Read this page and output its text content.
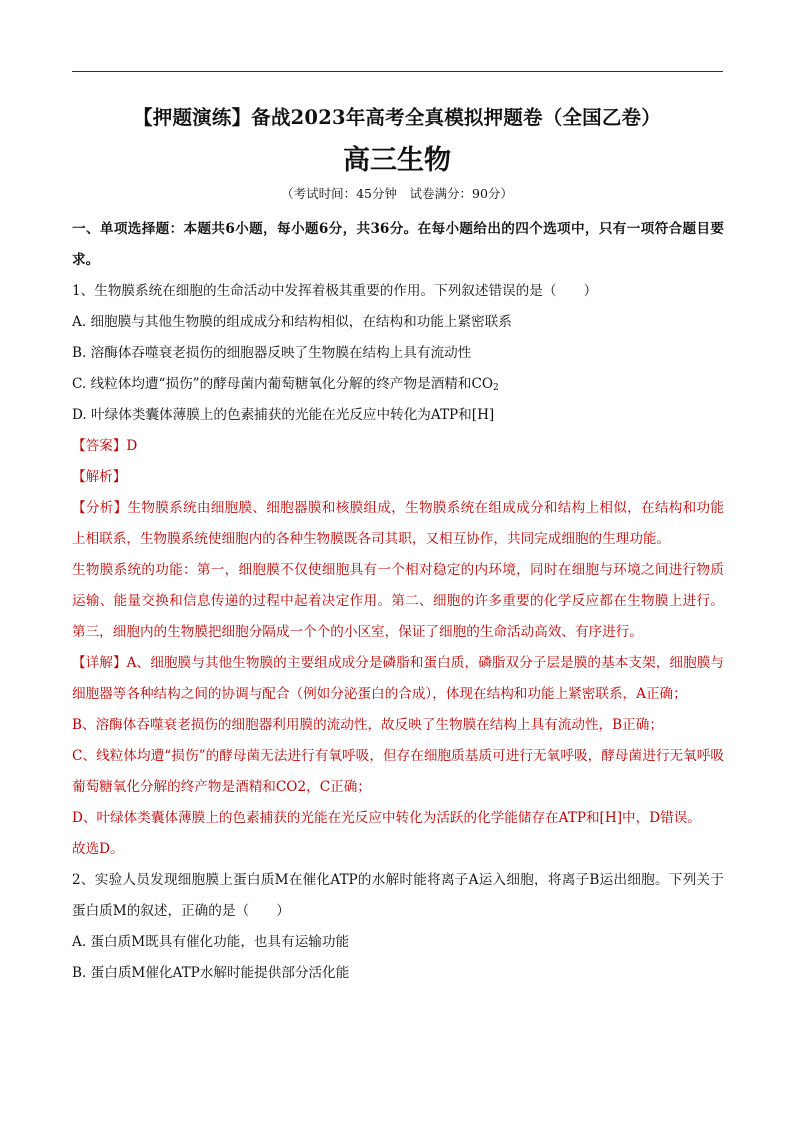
【押题演练】备战2023年高考全真模拟押题卷（全国乙卷）
高三生物
（考试时间：45分钟　试卷满分：90分）

一、单项选择题：本题共6小题，每小题6分，共36分。在每小题给出的四个选项中，只有一项符合题目要求。

1、生物膜系统在细胞的生命活动中发挥着极其重要的作用。下列叙述错误的是（　　）

A. 细胞膜与其他生物膜的组成成分和结构相似，在结构和功能上紧密联系

B. 溶酶体吞噬衰老损伤的细胞器反映了生物膜在结构上具有流动性

C. 线粒体均遭“损伤”的酵母菌内葡萄糖氧化分解的终产物是酒精和$CO_2$

D. 叶绿体类囊体薄膜上的色素捕获的光能在光反应中转化为ATP和[H]

【答案】D

【解析】

【分析】生物膜系统由细胞膜、细胞器膜和核膜组成，生物膜系统在组成成分和结构上相似，在结构和功能上相联系，生物膜系统使细胞内的各种生物膜既各司其职，又相互协作，共同完成细胞的生理功能。

生物膜系统的功能：第一，细胞膜不仅使细胞具有一个相对稳定的内环境，同时在细胞与环境之间进行物质运输、能量交换和信息传递的过程中起着决定作用。第二、细胞的许多重要的化学反应都在生物膜上进行。第三，细胞内的生物膜把细胞分隔成一个个的小区室，保证了细胞的生命活动高效、有序进行。

【详解】A、细胞膜与其他生物膜的主要组成成分是磷脂和蛋白质，磷脂双分子层是膜的基本支架，细胞膜与细胞器等各种结构之间的协调与配合（例如分泌蛋白的合成），体现在结构和功能上紧密联系，A正确；

B、溶酶体吞噬衰老损伤的细胞器利用膜的流动性，故反映了生物膜在结构上具有流动性，B正确；

C、线粒体均遭“损伤”的酵母菌无法进行有氧呼吸，但存在细胞质基质可进行无氧呼吸，酵母菌进行无氧呼吸葡萄糖氧化分解的终产物是酒精和CO2，C正确；

D、叶绿体类囊体薄膜上的色素捕获的光能在光反应中转化为活跃的化学能储存在ATP和[H]中，D错误。

故选D。

2、实验人员发现细胞膜上蛋白质M在催化ATP的水解时能将离子A运入细胞，将离子B运出细胞。下列关于蛋白质M的叙述，正确的是（　　）

A. 蛋白质M既具有催化功能，也具有运输功能

B. 蛋白质M催化ATP水解时能提供部分活化能
